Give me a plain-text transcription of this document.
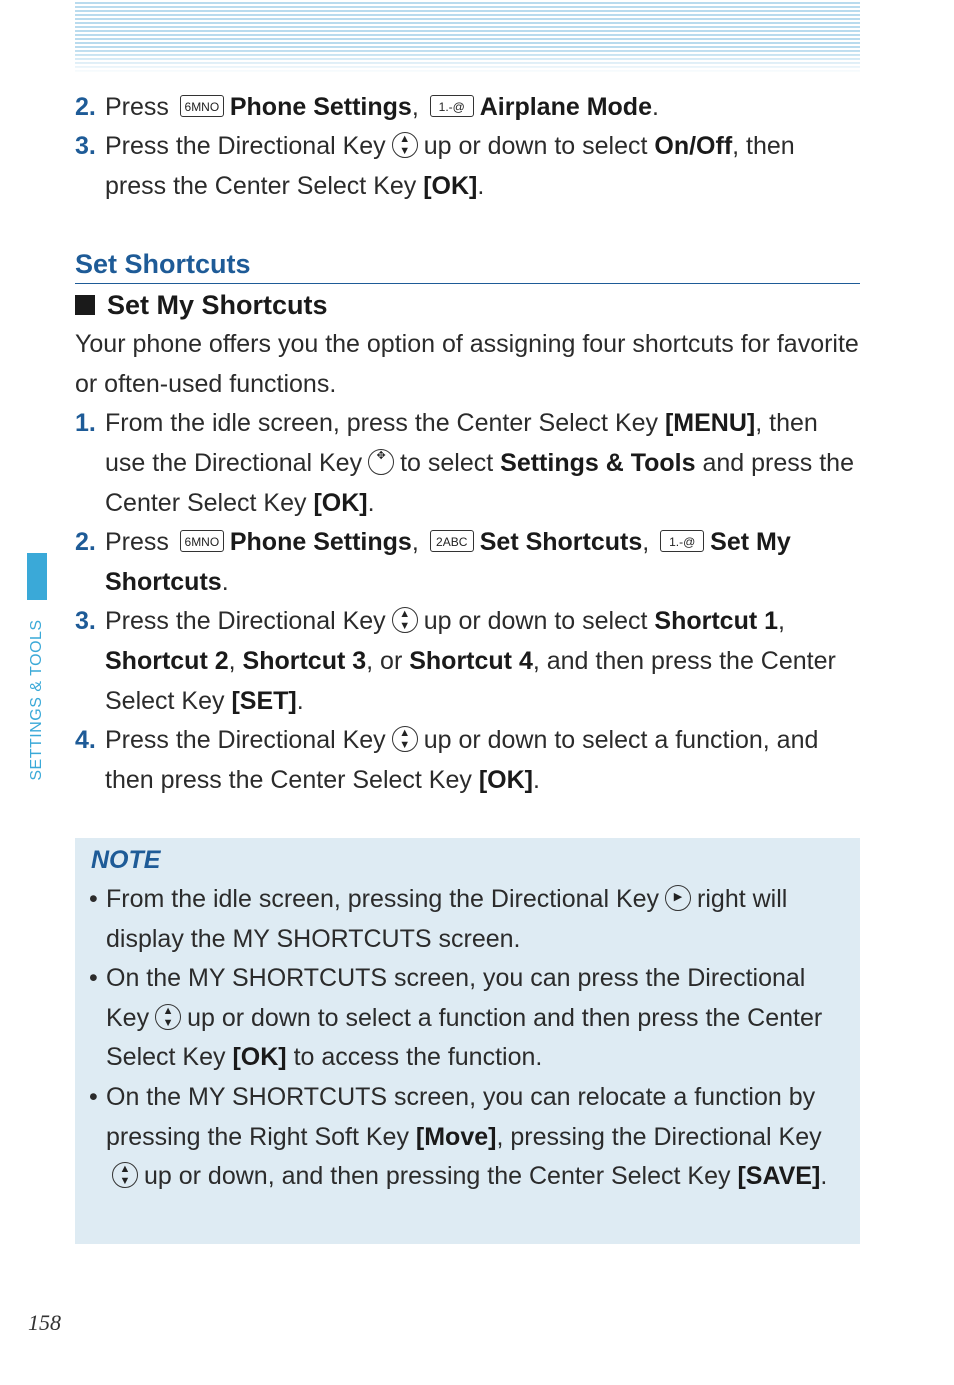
SETTINGS & TOOLS
2. Press 6MNO Phone Settings, 1.-@ Airplane Mode.
3. Press the Directional Key ▲
▼ up or down to select On/Off, then press the Center Select Key [OK].
Set Shortcuts
Set My Shortcuts
Your phone offers you the option of assigning four shortcuts for favorite or often-used functions.
1. From the idle screen, press the Center Select Key [MENU], then use the Directional Key ✥ to select Settings & Tools and press the Center Select Key [OK].
2. Press 6MNO Phone Settings, 2ABC Set Shortcuts, 1.-@ Set My Shortcuts.
3. Press the Directional Key ▲
▼ up or down to select Shortcut 1, Shortcut 2, Shortcut 3, or Shortcut 4, and then press the Center Select Key [SET].
4. Press the Directional Key ▲
▼ up or down to select a function, and then press the Center Select Key [OK].
NOTE
• From the idle screen, pressing the Directional Key ▶ right will display the MY SHORTCUTS screen.
• On the MY SHORTCUTS screen, you can press the Directional Key ▲
▼ up or down to select a function and then press the Center Select Key [OK] to access the function.
• On the MY SHORTCUTS screen, you can relocate a function by pressing the Right Soft Key [Move], pressing the Directional Key▲
▼ up or down, and then pressing the Center Select Key [SAVE].
158
